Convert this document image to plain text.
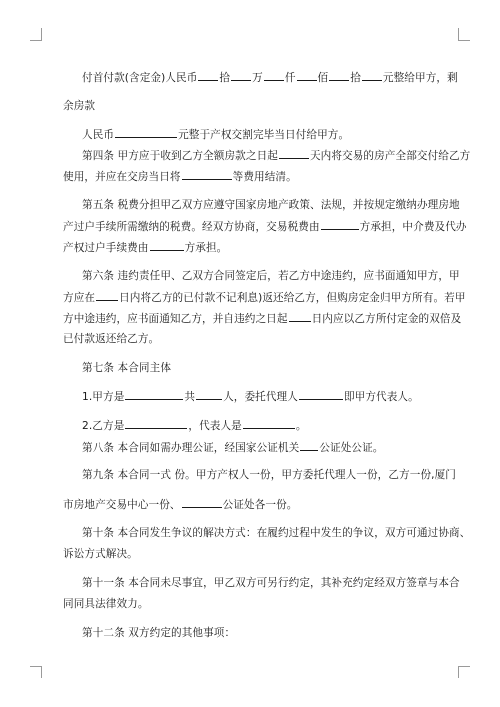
付首付款(含定金)人民币 拾 万 仟 佰 拾 元整给甲方，剩
余房款
人民币	元整于产权交割完毕当日付给甲方。
第四条 甲方应于收到乙方全额房款之日起	天内将交易的房产全部交付给乙方
使用，并应在交房当日将	等费用结清。
第五条 税费分担甲乙双方应遵守国家房地产政策、法规，并按规定缴纳办理房地
产过户手续所需缴纳的税费。经双方协商，交易税费由	方承担，中介费及代办
产权过户手续费由	方承担。
第六条 违约责任甲、乙双方合同签定后，若乙方中途违约，应书面通知甲方，甲
方应在 日内将乙方的已付款不记利息)返还给乙方，但购房定金归甲方所有。若甲
方中途违约，应书面通知乙方，并自违约之日起 日内应以乙方所付定金的双倍及
已付款返还给乙方。
第七条 本合同主体
1.甲方是	共	人，委托代理人	即甲方代表人。
2.乙方是	，代表人是	。
第八条 本合同如需办理公证，经国家公证机关 公证处公证。
第九条 本合同一式 份。甲方产权人一份，甲方委托代理人一份，乙方一份,厦门
市房地产交易中心一份、	公证处各一份。
第十条 本合同发生争议的解决方式：在履约过程中发生的争议，双方可通过协商、
诉讼方式解决。
第十一条 本合同未尽事宜，甲乙双方可另行约定，其补充约定经双方签章与本合
同同具法律效力。
第十二条 双方约定的其他事项：
